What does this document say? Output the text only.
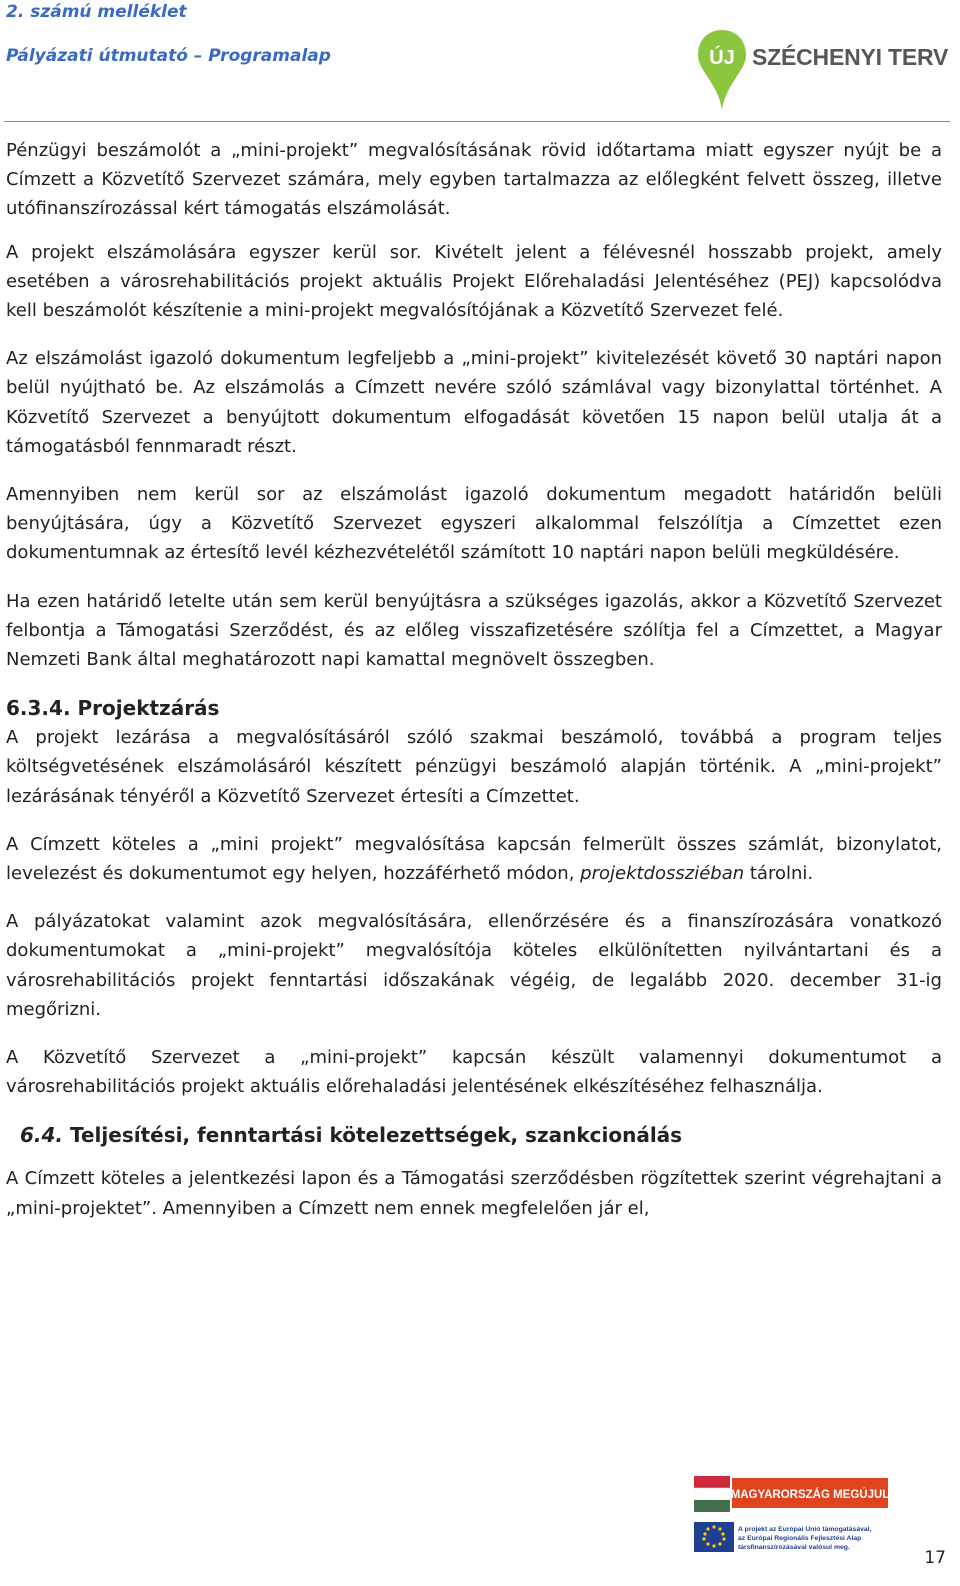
2. számú melléklet
Pályázati útmutató – Programalap	ÚJ SZÉCHENYI TERV

Pénzügyi beszámolót a „mini-projekt” megvalósításának rövid időtartama miatt egyszer nyújt be a Címzett a Közvetítő Szervezet számára, mely egyben tartalmazza az előlegként felvett összeg, illetve utófinanszírozással kért támogatás elszámolását.

A projekt elszámolására egyszer kerül sor. Kivételt jelent a félévesnél hosszabb projekt, amely esetében a városrehabilitációs projekt aktuális Projekt Előrehaladási Jelentéséhez (PEJ) kapcsolódva kell beszámolót készítenie a mini-projekt megvalósítójának a Közvetítő Szervezet felé.

Az elszámolást igazoló dokumentum legfeljebb a „mini-projekt” kivitelezését követő 30 naptári napon belül nyújtható be. Az elszámolás a Címzett nevére szóló számlával vagy bizonylattal történhet. A Közvetítő Szervezet a benyújtott dokumentum elfogadását követően 15 napon belül utalja át a támogatásból fennmaradt részt.

Amennyiben nem kerül sor az elszámolást igazoló dokumentum megadott határidőn belüli benyújtására, úgy a Közvetítő Szervezet egyszeri alkalommal felszólítja a Címzettet ezen dokumentumnak az értesítő levél kézhezvételétől számított 10 naptári napon belüli megküldésére.

Ha ezen határidő letelte után sem kerül benyújtásra a szükséges igazolás, akkor a Közvetítő Szervezet felbontja a Támogatási Szerződést, és az előleg visszafizetésére szólítja fel a Címzettet, a Magyar Nemzeti Bank által meghatározott napi kamattal megnövelt összegben.

6.3.4. Projektzárás

A projekt lezárása a megvalósításáról szóló szakmai beszámoló, továbbá a program teljes költségvetésének elszámolásáról készített pénzügyi beszámoló alapján történik. A „mini-projekt” lezárásának tényéről a Közvetítő Szervezet értesíti a Címzettet.

A Címzett köteles a „mini projekt” megvalósítása kapcsán felmerült összes számlát, bizonylatot, levelezést és dokumentumot egy helyen, hozzáférhető módon, projektdossziéban tárolni.

A pályázatokat valamint azok megvalósítására, ellenőrzésére és a finanszírozására vonatkozó dokumentumokat a „mini-projekt” megvalósítója köteles elkülönítetten nyilvántartani és a városrehabilitációs projekt fenntartási időszakának végéig, de legalább 2020. december 31-ig megőrizni.

A Közvetítő Szervezet a „mini-projekt” kapcsán készült valamennyi dokumentumot a városrehabilitációs projekt aktuális előrehaladási jelentésének elkészítéséhez felhasználja.

6.4. Teljesítési, fenntartási kötelezettségek, szankcionálás

A Címzett köteles a jelentkezési lapon és a Támogatási szerződésben rögzítettek szerint végrehajtani a „mini-projektet”. Amennyiben a Címzett nem ennek megfelelően jár el,

MAGYARORSZÁG MEGÚJUL
A projekt az Európai Unió támogatásával,
az Európai Regionális Fejlesztési Alap
társfinanszírozásával valósul meg.
17
